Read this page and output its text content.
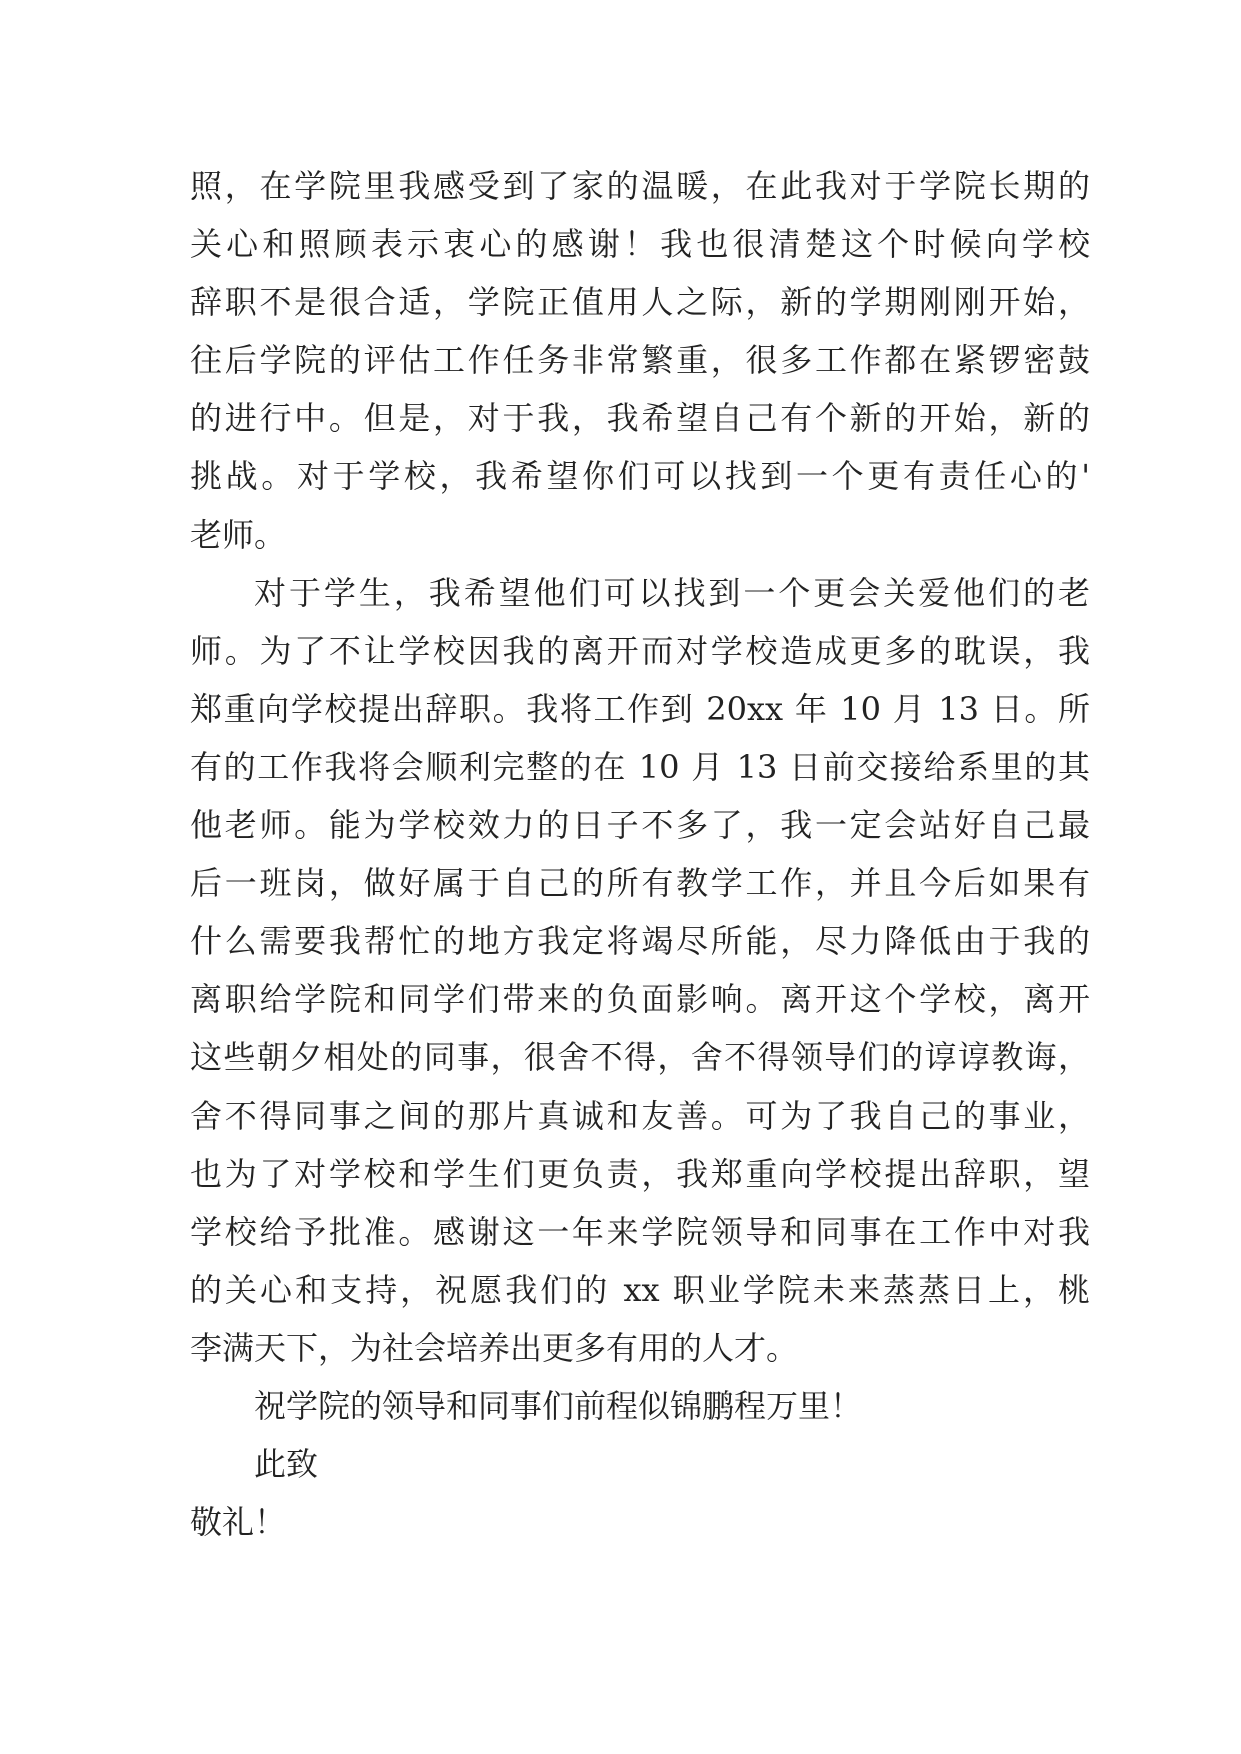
照，在学院里我感受到了家的温暖，在此我对于学院长期的
关心和照顾表示衷心的感谢！我也很清楚这个时候向学校
辞职不是很合适，学院正值用人之际，新的学期刚刚开始，
往后学院的评估工作任务非常繁重，很多工作都在紧锣密鼓
的进行中。但是，对于我，我希望自己有个新的开始，新的
挑战。对于学校，我希望你们可以找到一个更有责任心的'
老师。
对于学生，我希望他们可以找到一个更会关爱他们的老
师。为了不让学校因我的离开而对学校造成更多的耽误，我
郑重向学校提出辞职。我将工作到 20xx 年 10 月 13 日。所
有的工作我将会顺利完整的在 10 月 13 日前交接给系里的其
他老师。能为学校效力的日子不多了，我一定会站好自己最
后一班岗，做好属于自己的所有教学工作，并且今后如果有
什么需要我帮忙的地方我定将竭尽所能，尽力降低由于我的
离职给学院和同学们带来的负面影响。离开这个学校，离开
这些朝夕相处的同事，很舍不得，舍不得领导们的谆谆教诲，
舍不得同事之间的那片真诚和友善。可为了我自己的事业，
也为了对学校和学生们更负责，我郑重向学校提出辞职，望
学校给予批准。感谢这一年来学院领导和同事在工作中对我
的关心和支持，祝愿我们的 xx 职业学院未来蒸蒸日上，桃
李满天下，为社会培养出更多有用的人才。
祝学院的领导和同事们前程似锦鹏程万里！
此致
敬礼！
